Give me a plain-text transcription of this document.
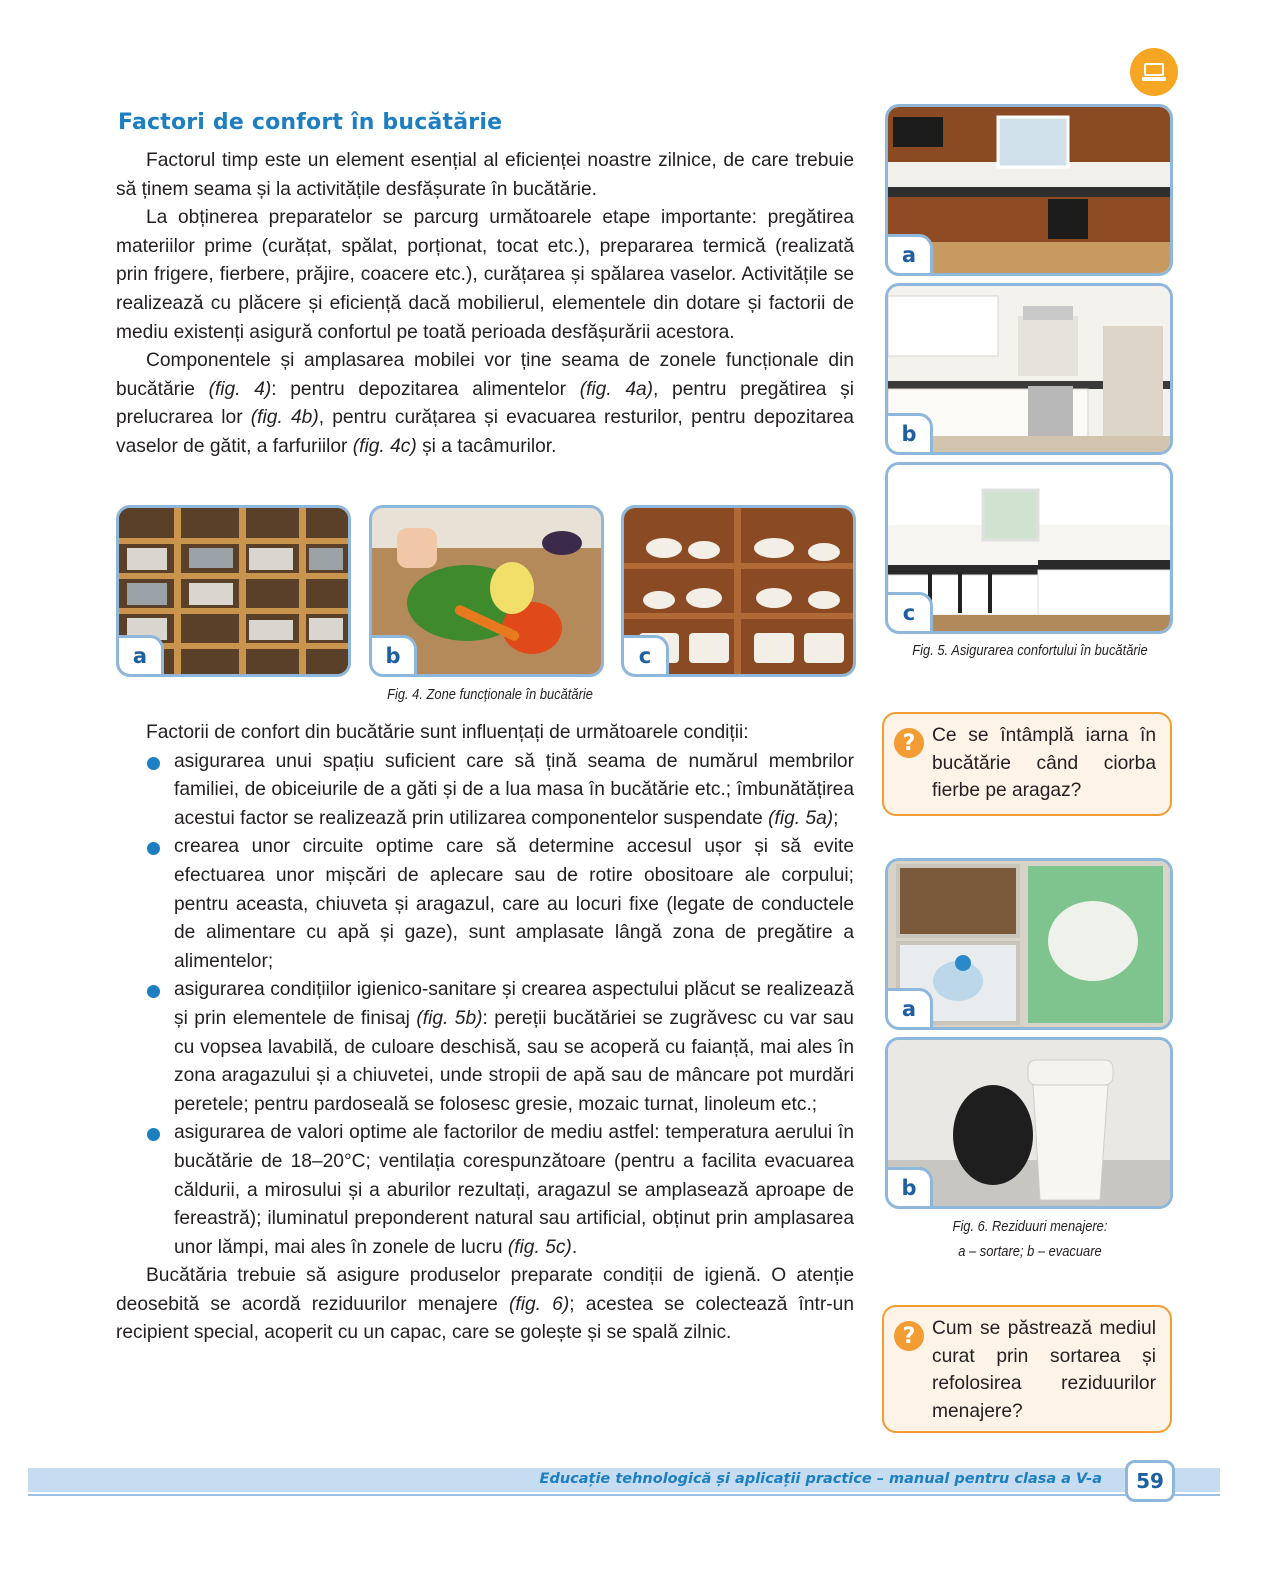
Factori de confort în bucătărie

Factorul timp este un element esențial al eficienței noastre zilnice, de care trebuie să ținem seama și la activitățile desfășurate în bucătărie.

La obținerea preparatelor se parcurg următoarele etape importante: pregătirea materiilor prime (curățat, spălat, porționat, tocat etc.), prepararea termică (realizată prin frigere, fierbere, prăjire, coacere etc.), curățarea și spălarea vaselor. Activitățile se realizează cu plăcere și eficiență dacă mobilierul, elementele din dotare și factorii de mediu existenți asigură confortul pe toată perioada desfășurării acestora.

Componentele și amplasarea mobilei vor ține seama de zonele funcționale din bucătărie (fig. 4): pentru depozitarea alimentelor (fig. 4a), pentru pregătirea și prelucrarea lor (fig. 4b), pentru curățarea și evacuarea resturilor, pentru depozitarea vaselor de gătit, a farfuriilor (fig. 4c) și a tacâmurilor.

a	b	c
Fig. 4. Zone funcționale în bucătărie
a
b
c
Fig. 5. Asigurarea confortului în bucătărie
? Ce se întâmplă iarna în bucătărie când ciorba fierbe pe aragaz?
a
b
Fig. 6. Reziduuri menajere:
a – sortare; b – evacuare
? Cum se păstrează mediul curat prin sortarea și refolosirea reziduurilor menajere?

Factorii de confort din bucătărie sunt influențați de următoarele condiții:

asigurarea unui spațiu suficient care să țină seama de numărul membrilor familiei, de obiceiurile de a găti și de a lua masa în bucătărie etc.; îmbunătățirea acestui factor se realizează prin utilizarea componentelor suspendate (fig. 5a);
crearea unor circuite optime care să determine accesul ușor și să evite efectuarea unor mișcări de aplecare sau de rotire obositoare ale corpului; pentru aceasta, chiuveta și aragazul, care au locuri fixe (legate de conductele de alimentare cu apă și gaze), sunt amplasate lângă zona de pregătire a alimentelor;
asigurarea condițiilor igienico-sanitare și crearea aspectului plăcut se realizează și prin elementele de finisaj (fig. 5b): pereții bucătăriei se zugrăvesc cu var sau cu vopsea lavabilă, de culoare deschisă, sau se acoperă cu faianță, mai ales în zona aragazului și a chiuvetei, unde stropii de apă sau de mâncare pot murdări peretele; pentru pardoseală se folosesc gresie, mozaic turnat, linoleum etc.;
asigurarea de valori optime ale factorilor de mediu astfel: temperatura aerului în bucătărie de 18–20°C; ventilația corespunzătoare (pentru a facilita evacuarea căldurii, a mirosului și a aburilor rezultați, aragazul se amplasează aproape de fereastră); iluminatul preponderent natural sau artificial, obținut prin amplasarea unor lămpi, mai ales în zonele de lucru (fig. 5c).

Bucătăria trebuie să asigure produselor preparate condiții de igienă. O atenție deosebită se acordă reziduurilor menajere (fig. 6); acestea se colectează într-un recipient special, acoperit cu un capac, care se golește și se spală zilnic.

Educație tehnologică și aplicații practice – manual pentru clasa a V-a	59
